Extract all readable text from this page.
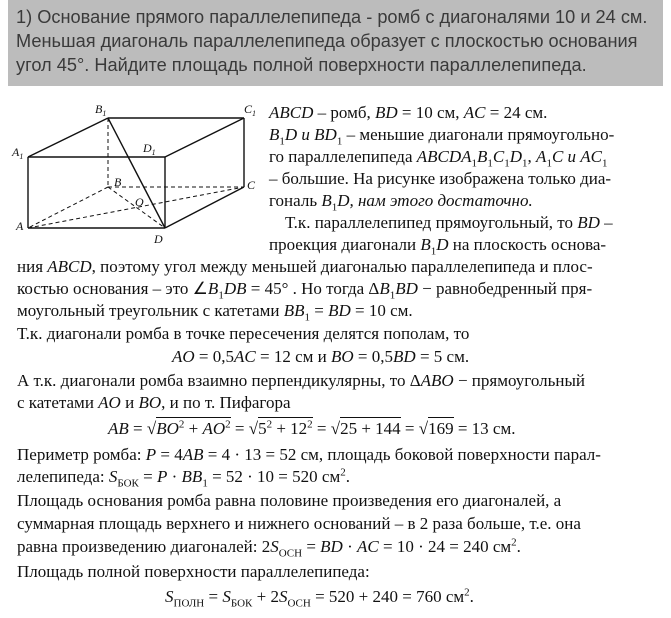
1) Основание прямого параллелепипеда - ромб с диагоналями 10 и 24 см.
Меньшая диагональ параллелепипеда образует с плоскостью основания
угол 45°. Найдите площадь полной поверхности параллелепипеда.
$B_1$	$C_1$
$A_1$
$D_1$
B	C
O
A
D
ABCD – ромб, BD = 10 см, AC = 24 см.
$B_1D$ и $BD_1$ – меньшие диагонали прямоугольно-
го параллелепипеда $ABCDA_1B_1C_1D_1$, $A_1C$ и $AC_1$
– большие. На рисунке изображена только диа-
гональ $B_1D$, нам этого достаточно.
Т.к. параллелепипед прямоугольный, то BD –
проекция диагонали $B_1D$ на плоскость основа-
ния ABCD, поэтому угол между меньшей диагональю параллелепипеда и плос-
костью основания – это $\angle B_1DB = 45^\circ$ . Но тогда $\Delta B_1BD$ − равнобедренный пря-
моугольный треугольник с катетами $BB_1$ = BD = 10 см.
Т.к. диагонали ромба в точке пересечения делятся пополам, то
AO = 0,5AC = 12 см и BO = 0,5BD = 5 см.
А т.к. диагонали ромба взаимно перпендикулярны, то ΔABO − прямоугольный
с катетами AO и BO, и по т. Пифагора
AB = $√BO^2 + AO^2 = √5^2 + 12^2 = √25 + 144 = √169 = 13$ см.
Периметр ромба: P = 4AB = 4 · 13 = 52 см, площадь боковой поверхности парал-
лелепипеда: $S_{БОК} = P \cdot BB_1 = 52 \cdot 10 = 520$ $см^2$.
Площадь основания ромба равна половине произведения его диагоналей, а
суммарная площадь верхнего и нижнего оснований – в 2 раза больше, т.е. она
равна произведению диагоналей: $2S_{ОСН}$ = BD · AC = 10 · 24 = 240 $см^2$.
Площадь полной поверхности параллелепипеда:
$S_{ПОЛН} = S_{БОК} + 2S_{ОСН} = 520 + 240 = 760$ $см^2$.
